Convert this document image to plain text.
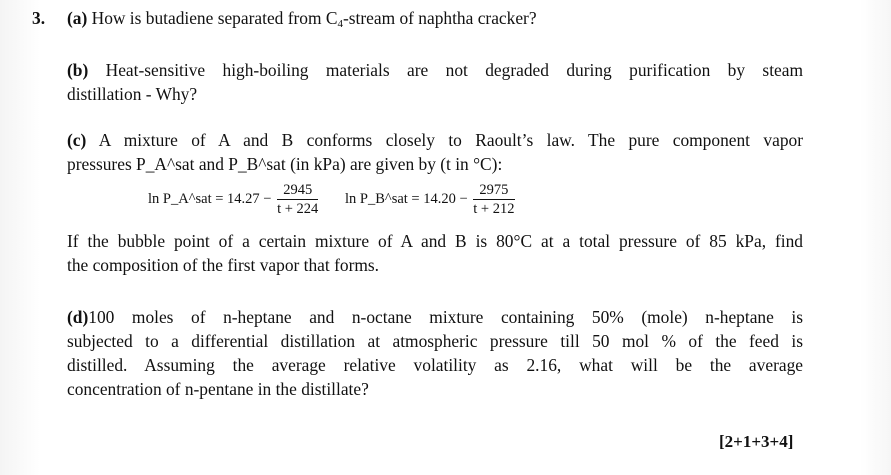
3. (a) How is butadiene separated from $C_4$-stream of naphtha cracker?
(b) Heat-sensitive high-boiling materials are not degraded during purification by steam
distillation - Why?
(c) A mixture of A and B conforms closely to Raoult’s law. The pure component vapor
pressures P_A^sat and P_B^sat (in kPa) are given by (t in °C):
ln P_A^sat = $14.27 - \frac{2945}{t + 224}$ ln P_B^sat = $14.20 - \frac{2975}{t + 212}$
If the bubble point of a certain mixture of A and B is 80°C at a total pressure of 85 kPa, find
the composition of the first vapor that forms.
(d)100 moles of n-heptane and n-octane mixture containing 50% (mole) n-heptane is
subjected to a differential distillation at atmospheric pressure till 50 mol % of the feed is
distilled. Assuming the average relative volatility as 2.16, what will be the average
concentration of n-pentane in the distillate?
[2+1+3+4]
